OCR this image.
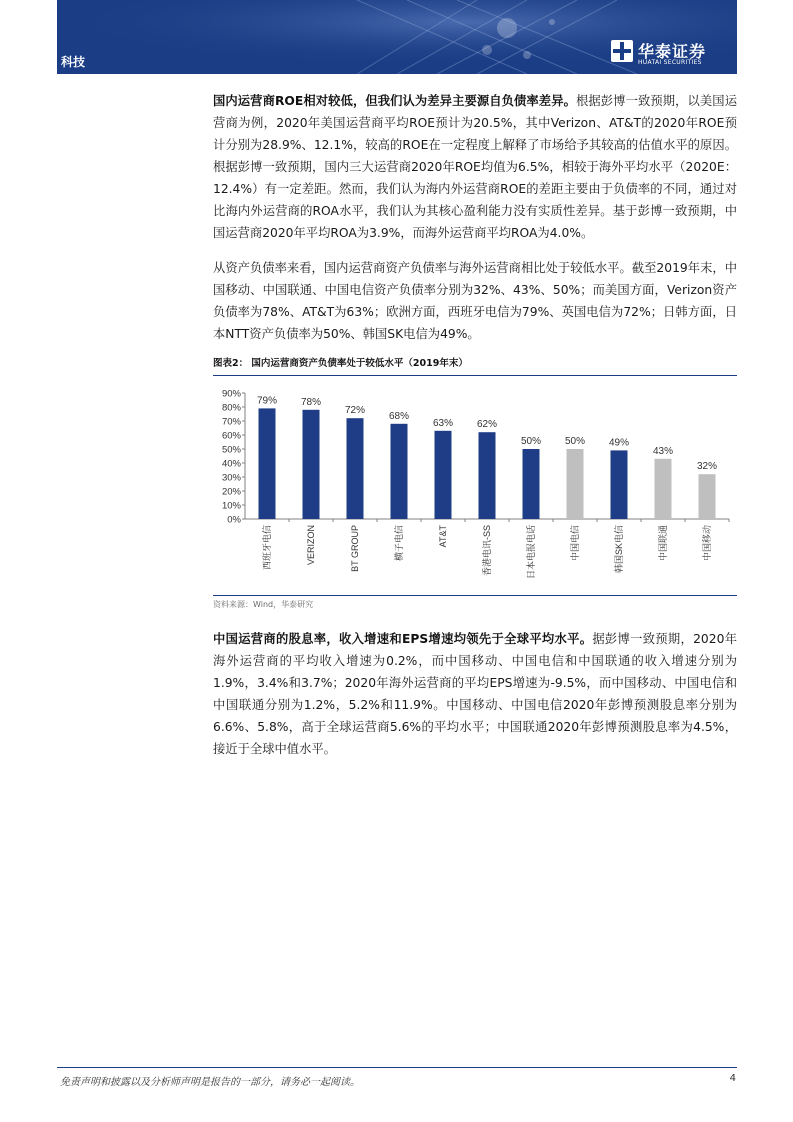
科技
华泰证券
HUATAI SECURITIES
国内运营商ROE相对较低，但我们认为差异主要源自负债率差异。根据彭博一致预期，以美国运营商为例，2020年美国运营商平均ROE预计为20.5%，其中Verizon、AT&T的2020年ROE预计分别为28.9%、12.1%，较高的ROE在一定程度上解释了市场给予其较高的估值水平的原因。根据彭博一致预期，国内三大运营商2020年ROE均值为6.5%，相较于海外平均水平（2020E：12.4%）有一定差距。然而，我们认为海内外运营商ROE的差距主要由于负债率的不同，通过对比海内外运营商的ROA水平，我们认为其核心盈利能力没有实质性差异。基于彭博一致预期，中国运营商2020年平均ROA为3.9%，而海外运营商平均ROA为4.0%。
从资产负债率来看，国内运营商资产负债率与海外运营商相比处于较低水平。截至2019年末，中国移动、中国联通、中国电信资产负债率分别为32%、43%、50%；而美国方面，Verizon资产负债率为78%、AT&T为63%；欧洲方面，西班牙电信为79%、英国电信为72%；日韩方面，日本NTT资产负债率为50%、韩国SK电信为49%。
图表2： 国内运营商资产负债率处于较低水平（2019年末）
0%
10%
20%
30%
40%
50%
60%
70%
80%
90%
79%
西班牙电信
78%
VERIZON
72%
BT GROUP
68%
横子电信
63%
AT&T
62%
香港电讯-SS
50%
日本电报电话
50%
中国电信
49%
韩国SK电信
43%
中国联通
32%
中国移动
资料来源：Wind，华泰研究
中国运营商的股息率，收入增速和EPS增速均领先于全球平均水平。据彭博一致预期，2020年海外运营商的平均收入增速为0.2%，而中国移动、中国电信和中国联通的收入增速分别为1.9%，3.4%和3.7%；2020年海外运营商的平均EPS增速为-9.5%，而中国移动、中国电信和中国联通分别为1.2%，5.2%和11.9%。中国移动、中国电信2020年彭博预测股息率分别为6.6%、5.8%，高于全球运营商5.6%的平均水平；中国联通2020年彭博预测股息率为4.5%，接近于全球中值水平。
免责声明和披露以及分析师声明是报告的一部分，请务必一起阅读。	4
